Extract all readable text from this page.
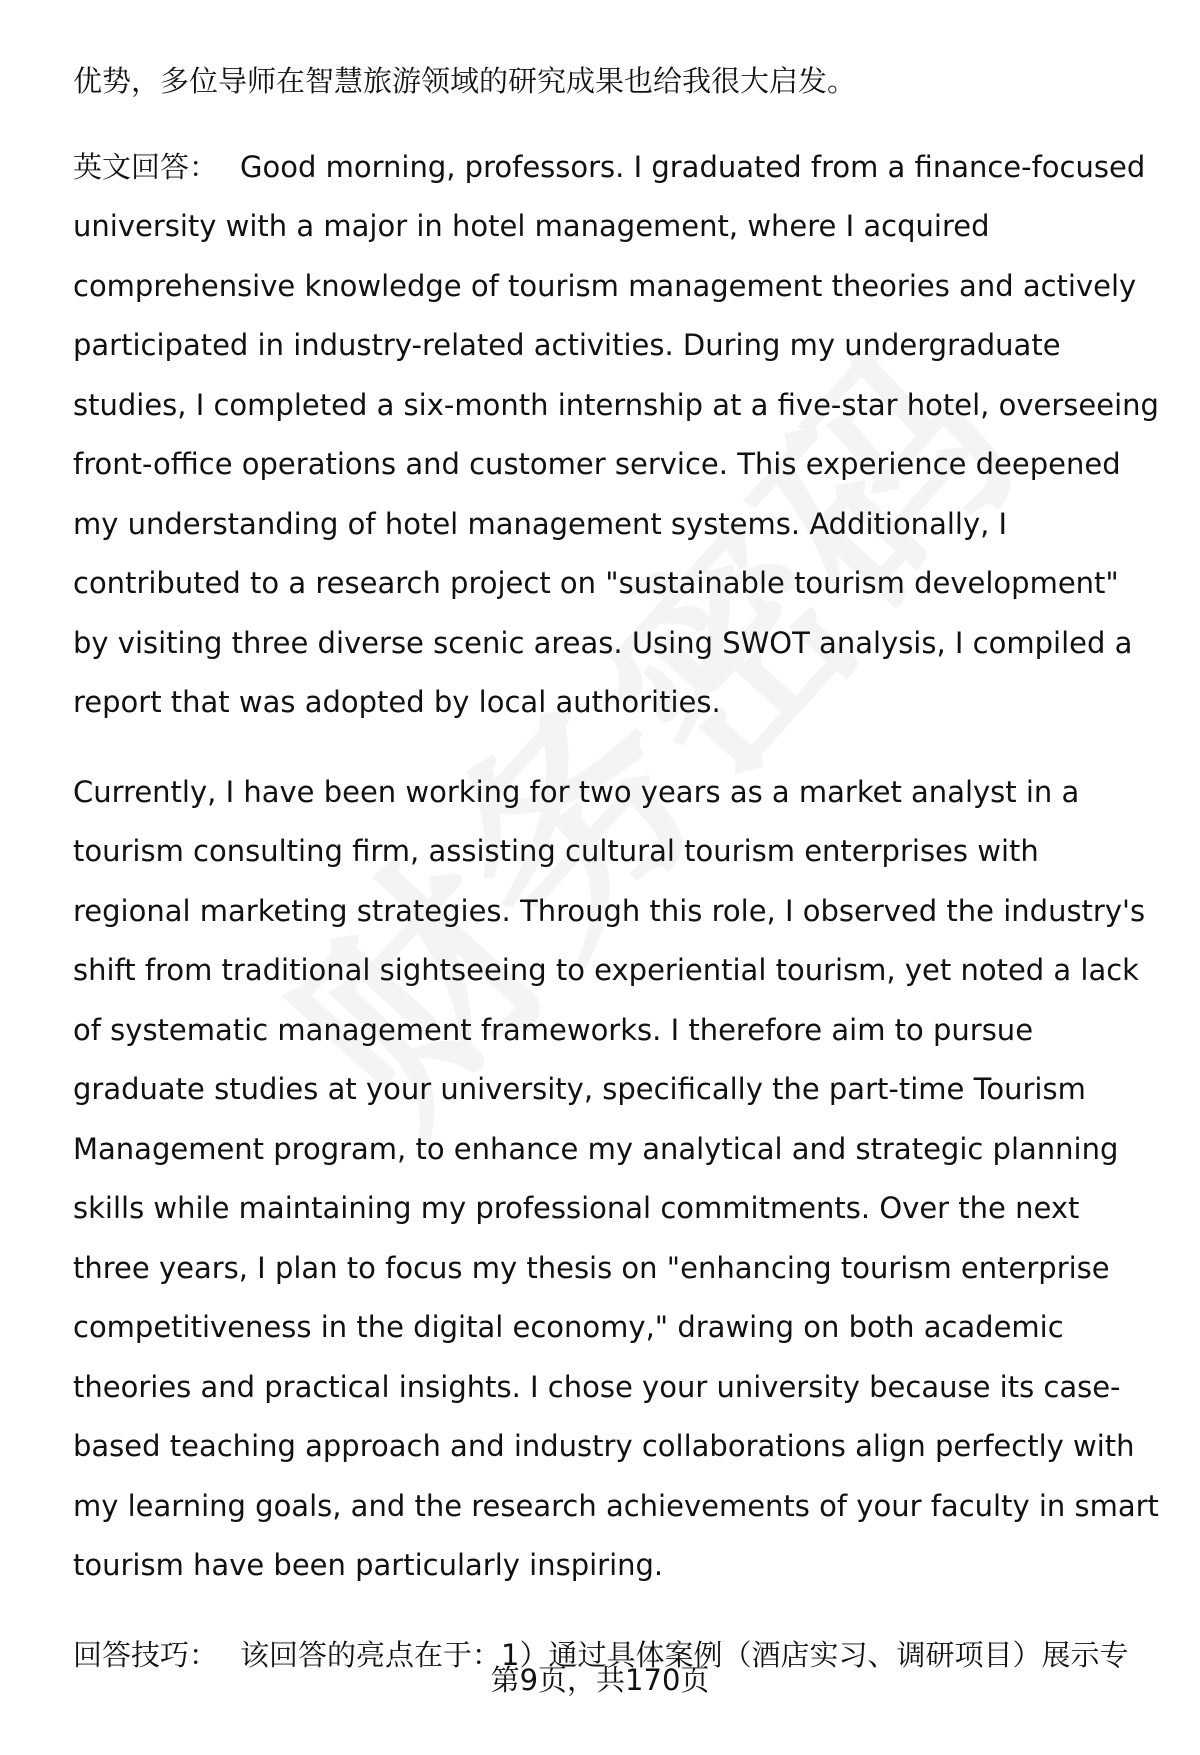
优势，多位导师在智慧旅游领域的研究成果也给我很大启发。

英文回答： Good morning, professors. I graduated from a finance-focused university with a major in hotel management, where I acquired comprehensive knowledge of tourism management theories and actively participated in industry-related activities. During my undergraduate studies, I completed a six-month internship at a five-star hotel, overseeing front-office operations and customer service. This experience deepened my understanding of hotel management systems. Additionally, I contributed to a research project on "sustainable tourism development" by visiting three diverse scenic areas. Using SWOT analysis, I compiled a report that was adopted by local authorities.

Currently, I have been working for two years as a market analyst in a tourism consulting firm, assisting cultural tourism enterprises with regional marketing strategies. Through this role, I observed the industry's shift from traditional sightseeing to experiential tourism, yet noted a lack of systematic management frameworks. I therefore aim to pursue graduate studies at your university, specifically the part-time Tourism Management program, to enhance my analytical and strategic planning skills while maintaining my professional commitments. Over the next three years, I plan to focus my thesis on "enhancing tourism enterprise competitiveness in the digital economy," drawing on both academic theories and practical insights. I chose your university because its case-based teaching approach and industry collaborations align perfectly with my learning goals, and the research achievements of your faculty in smart tourism have been particularly inspiring.

回答技巧： 该回答的亮点在于：1）通过具体案例（酒店实习、调研项目）展示专

第9页，共170页
